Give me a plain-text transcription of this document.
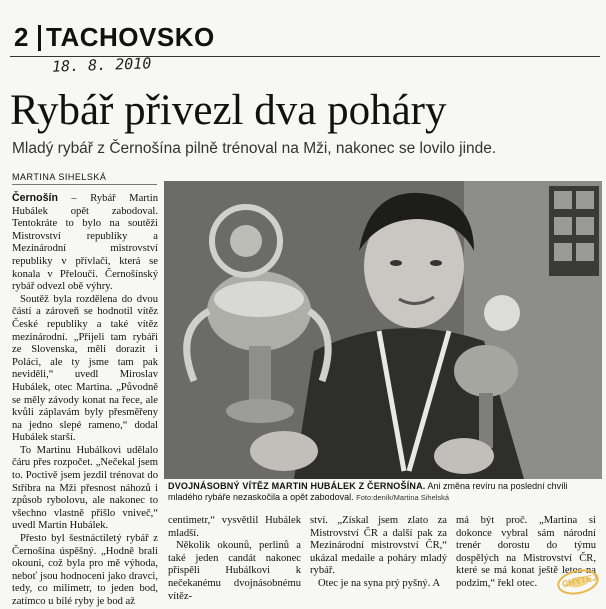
2 TACHOVSKO
18. 8. 2010
Rybář přivezl dva poháry
Mladý rybář z Černošína pilně trénoval na Mži, nakonec se lovilo jinde.
MARTINA SIHELSKÁ

Černošín – Rybář Martin Hubálek opět zabodoval. Tentokráte to bylo na soutěži Mistrovství republiky a Mezinárodní mistrovství republiky v přívlači, která se konala v Přelouči. Černošínský rybář odvezl obě výhry.

Soutěž byla rozdělena do dvou částí a zároveň se hodnotil vítěz České republiky a také vítěz mezinárodní. „Přijeli tam rybáři ze Slovenska, měli dorazit i Poláci, ale ty jsme tam pak neviděli,“ uvedl Miroslav Hubálek, otec Martina. „Původně se měly závody konat na řece, ale kvůli záplavám byly přesměřeny na jedno slepé rameno,“ dodal Hubálek starší.

To Martinu Hubálkovi udělalo čáru přes rozpočet. „Nečekal jsem to. Poctivě jsem jezdil trénovat do Stříbra na Mži přesnost náhozů i způsob rybolovu, ale nakonec to všechno vlastně přišlo vniveč,“ uvedl Martin Hubálek.

Přesto byl šestnáctiletý rybář z Černošína úspěšný. „Hodně brali okouni, což byla pro mě výhoda, neboť jsou hodnoceni jako dravci, tedy, co milimetr, to jeden bod, zatímco u bílé ryby je bod až

DVOJNÁSOBNÝ VÍTĚZ MARTIN HUBÁLEK Z ČERNOŠÍNA. Ani změna revíru na poslední chvíli mladého rybáře nezaskočila a opět zabodoval. Foto:deník/Martina Sihelská

centimetr,“ vysvětlil Hubálek mladší.

Několik okounů, perlinů a také jeden candát nakonec přispěli Hubálkovi k nečekanému dvojnásobnému vítěz-

ství. „Získal jsem zlato za Mistrovství ČR a další pak za Mezinárodní mistrovství ČR,“ ukázal medaile a poháry mladý rybář.

Otec je na syna prý pyšný. A

má být proč. „Martina si dokonce vybral sám národní trenér dorostu do týmu dospělých na Mistrovství ČR, které se má konat ještě letos na podzim,“ řekl otec.	CHYTEJ
